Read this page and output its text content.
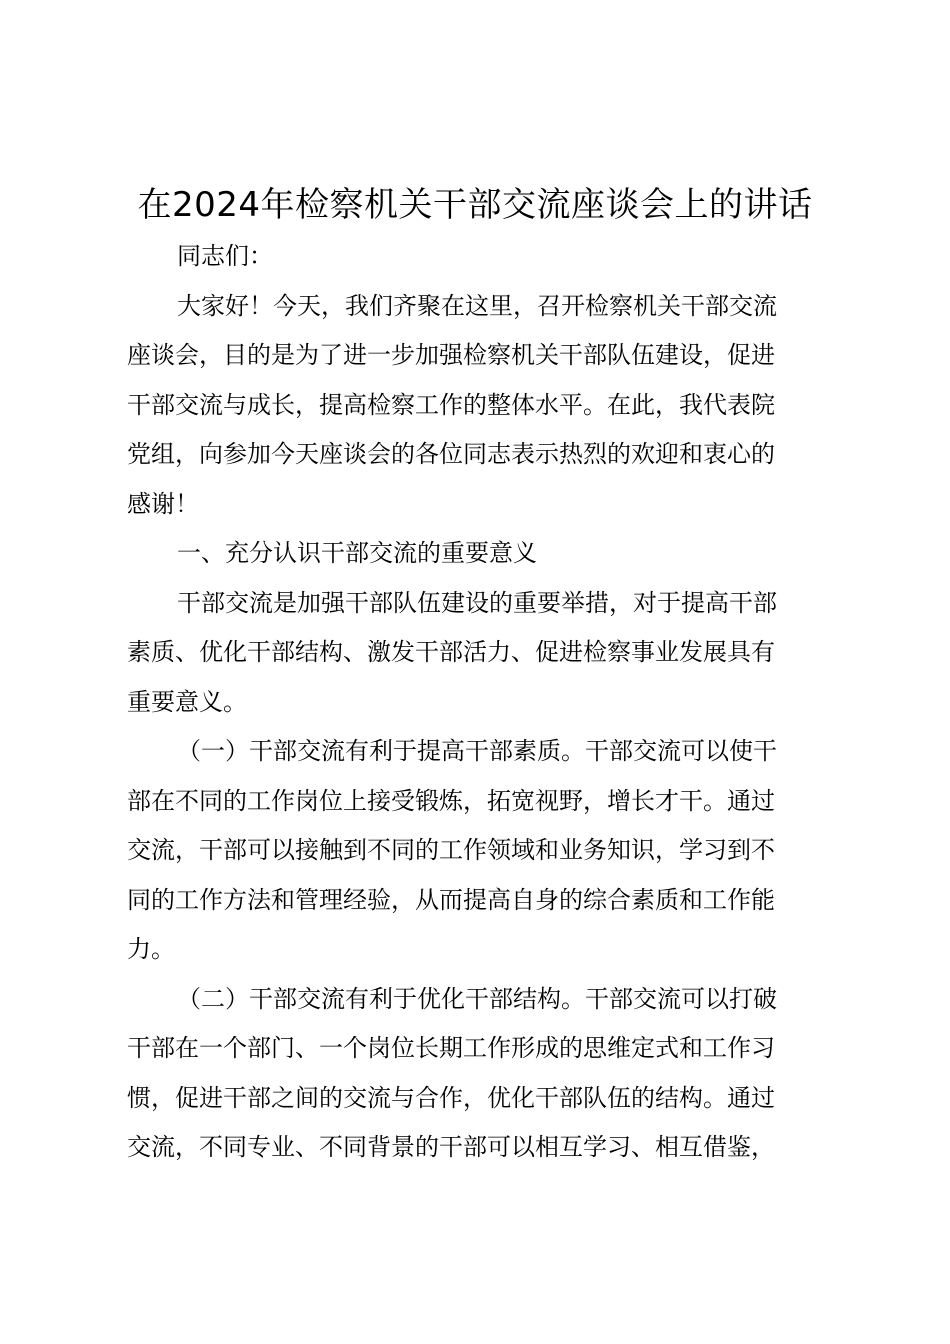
在2024年检察机关干部交流座谈会上的讲话

同志们：

大家好！今天，我们齐聚在这里，召开检察机关干部交流
座谈会，目的是为了进一步加强检察机关干部队伍建设，促进
干部交流与成长，提高检察工作的整体水平。在此，我代表院
党组，向参加今天座谈会的各位同志表示热烈的欢迎和衷心的
感谢！

一、充分认识干部交流的重要意义

干部交流是加强干部队伍建设的重要举措，对于提高干部
素质、优化干部结构、激发干部活力、促进检察事业发展具有
重要意义。

（一）干部交流有利于提高干部素质。干部交流可以使干
部在不同的工作岗位上接受锻炼，拓宽视野，增长才干。通过
交流，干部可以接触到不同的工作领域和业务知识，学习到不
同的工作方法和管理经验，从而提高自身的综合素质和工作能
力。

（二）干部交流有利于优化干部结构。干部交流可以打破
干部在一个部门、一个岗位长期工作形成的思维定式和工作习
惯，促进干部之间的交流与合作，优化干部队伍的结构。通过
交流，不同专业、不同背景的干部可以相互学习、相互借鉴，
